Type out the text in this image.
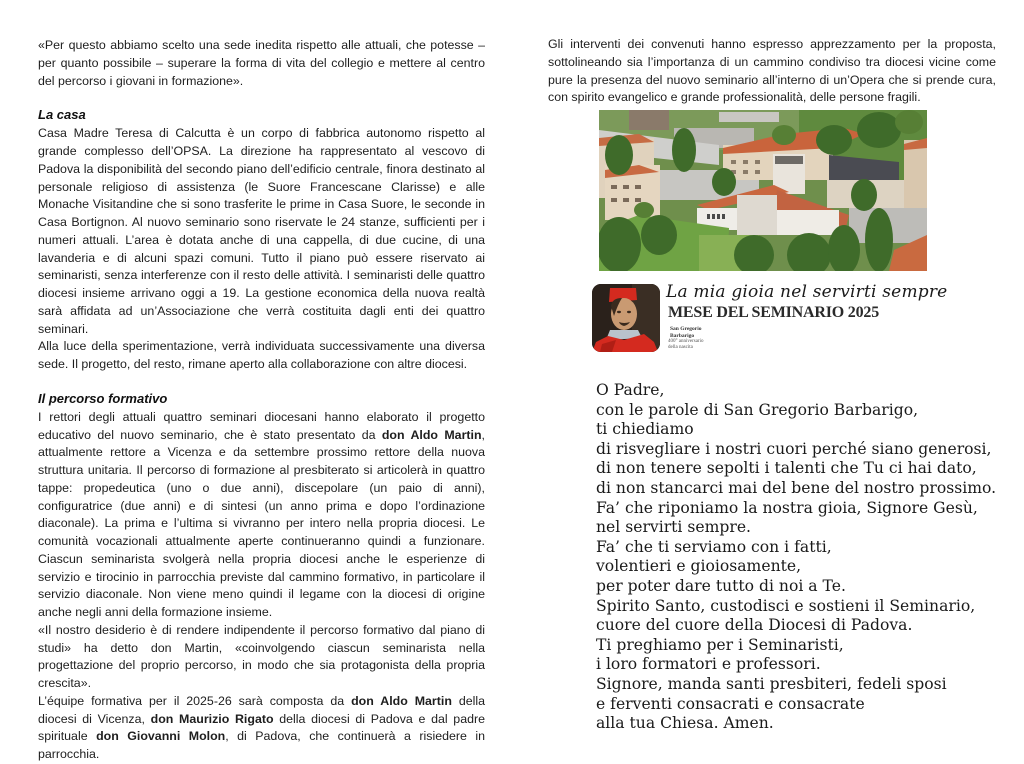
«Per questo abbiamo scelto una sede inedita rispetto alle attuali, che potesse – per quanto possibile – superare la forma di vita del collegio e mettere al centro del percorso i giovani in formazione».

La casa

Casa Madre Teresa di Calcutta è un corpo di fabbrica autonomo rispetto al grande complesso dell’OPSA. La direzione ha rappresentato al vescovo di Padova la disponibilità del secondo piano dell’edificio centrale, finora destinato al personale religioso di assistenza (le Suore Francescane Clarisse) e alle Monache Visitandine che si sono trasferite le prime in Casa Suore, le seconde in Casa Bortignon. Al nuovo seminario sono riservate le 24 stanze, sufficienti per i numeri attuali. L’area è dotata anche di una cappella, di due cucine, di una lavanderia e di alcuni spazi comuni. Tutto il piano può essere riservato ai seminaristi, senza interferenze con il resto delle attività. I seminaristi delle quattro diocesi insieme arrivano oggi a 19. La gestione economica della nuova realtà sarà affidata ad un’Associazione che verrà costituita dagli enti dei quattro seminari.

Alla luce della sperimentazione, verrà individuata successivamente una diversa sede. Il progetto, del resto, rimane aperto alla collaborazione con altre diocesi.

Il percorso formativo

I rettori degli attuali quattro seminari diocesani hanno elaborato il progetto educativo del nuovo seminario, che è stato presentato da don Aldo Martin, attualmente rettore a Vicenza e da settembre prossimo rettore della nuova struttura unitaria. Il percorso di formazione al presbiterato si articolerà in quattro tappe: propedeutica (uno o due anni), discepolare (un paio di anni), configuratrice (due anni) e di sintesi (un anno prima e dopo l’ordinazione diaconale). La prima e l’ultima si vivranno per intero nella propria diocesi. Le comunità vocazionali attualmente aperte continueranno quindi a funzionare. Ciascun seminarista svolgerà nella propria diocesi anche le esperienze di servizio e tirocinio in parrocchia previste dal cammino formativo, in particolare il servizio diaconale. Non viene meno quindi il legame con la diocesi di origine anche negli anni della formazione insieme.

«Il nostro desiderio è di rendere indipendente il percorso formativo dal piano di studi» ha detto don Martin, «coinvolgendo ciascun seminarista nella progettazione del proprio percorso, in modo che sia protagonista della propria crescita».

L’équipe formativa per il 2025-26 sarà composta da don Aldo Martin della diocesi di Vicenza, don Maurizio Rigato della diocesi di Padova e dal padre spirituale don Giovanni Molon, di Padova, che continuerà a risiedere in parrocchia.

Gli interventi dei convenuti hanno espresso apprezzamento per la proposta, sottolineando sia l’importanza di un cammino condiviso tra diocesi vicine come pure la presenza del nuovo seminario all’interno di un’Opera che si prende cura, con spirito evangelico e grande professionalità, delle persone fragili.

La mia gioia nel servirti sempre
MESE DEL SEMINARIO 2025
San Gregorio
Barbarigo
400° anniversario
della nascita
O Padre,
con le parole di San Gregorio Barbarigo,
ti chiediamo
di risvegliare i nostri cuori perché siano generosi,
di non tenere sepolti i talenti che Tu ci hai dato,
di non stancarci mai del bene del nostro prossimo.
Fa’ che riponiamo la nostra gioia, Signore Gesù,
nel servirti sempre.
Fa’ che ti serviamo con i fatti,
volentieri e gioiosamente,
per poter dare tutto di noi a Te.
Spirito Santo, custodisci e sostieni il Seminario,
cuore del cuore della Diocesi di Padova.
Ti preghiamo per i Seminaristi,
i loro formatori e professori.
Signore, manda santi presbiteri, fedeli sposi
e ferventi consacrati e consacrate
alla tua Chiesa. Amen.
